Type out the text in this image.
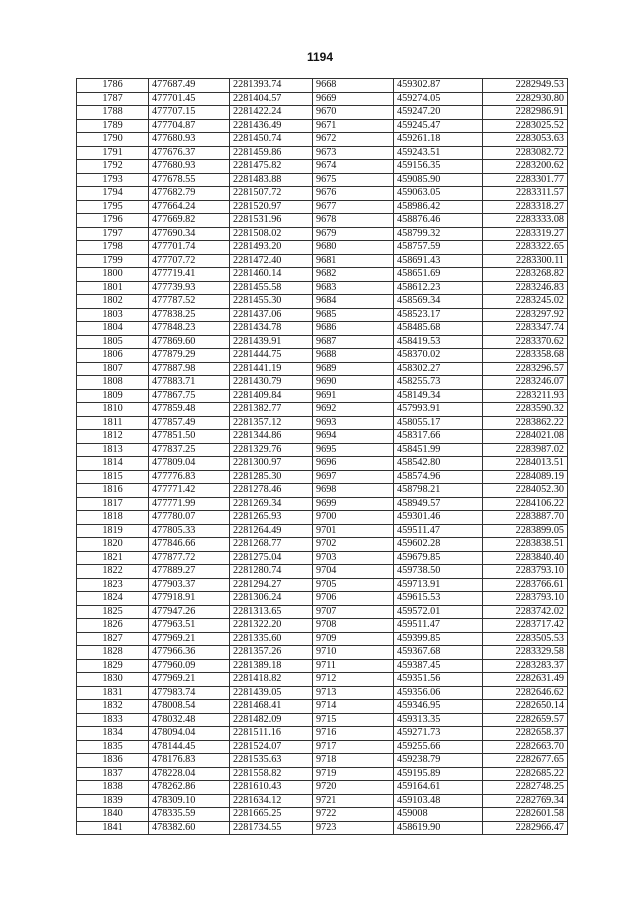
1194
1786	477687.49	2281393.74	9668	459302.87	2282949.53
1787	477701.45	2281404.57	9669	459274.05	2282930.80
1788	477707.15	2281422.24	9670	459247.20	2282986.91
1789	477704.87	2281436.49	9671	459245.47	2283025.52
1790	477680.93	2281450.74	9672	459261.18	2283053.63
1791	477676.37	2281459.86	9673	459243.51	2283082.72
1792	477680.93	2281475.82	9674	459156.35	2283200.62
1793	477678.55	2281483.88	9675	459085.90	2283301.77
1794	477682.79	2281507.72	9676	459063.05	2283311.57
1795	477664.24	2281520.97	9677	458986.42	2283318.27
1796	477669.82	2281531.96	9678	458876.46	2283333.08
1797	477690.34	2281508.02	9679	458799.32	2283319.27
1798	477701.74	2281493.20	9680	458757.59	2283322.65
1799	477707.72	2281472.40	9681	458691.43	2283300.11
1800	477719.41	2281460.14	9682	458651.69	2283268.82
1801	477739.93	2281455.58	9683	458612.23	2283246.83
1802	477787.52	2281455.30	9684	458569.34	2283245.02
1803	477838.25	2281437.06	9685	458523.17	2283297.92
1804	477848.23	2281434.78	9686	458485.68	2283347.74
1805	477869.60	2281439.91	9687	458419.53	2283370.62
1806	477879.29	2281444.75	9688	458370.02	2283358.68
1807	477887.98	2281441.19	9689	458302.27	2283296.57
1808	477883.71	2281430.79	9690	458255.73	2283246.07
1809	477867.75	2281409.84	9691	458149.34	2283211.93
1810	477859.48	2281382.77	9692	457993.91	2283590.32
1811	477857.49	2281357.12	9693	458055.17	2283862.22
1812	477851.50	2281344.86	9694	458317.66	2284021.08
1813	477837.25	2281329.76	9695	458451.99	2283987.02
1814	477809.04	2281300.97	9696	458542.80	2284013.51
1815	477776.83	2281285.30	9697	458574.96	2284089.19
1816	477771.42	2281278.46	9698	458798.21	2284052.30
1817	477771.99	2281269.34	9699	458949.57	2284106.22
1818	477780.07	2281265.93	9700	459301.46	2283887.70
1819	477805.33	2281264.49	9701	459511.47	2283899.05
1820	477846.66	2281268.77	9702	459602.28	2283838.51
1821	477877.72	2281275.04	9703	459679.85	2283840.40
1822	477889.27	2281280.74	9704	459738.50	2283793.10
1823	477903.37	2281294.27	9705	459713.91	2283766.61
1824	477918.91	2281306.24	9706	459615.53	2283793.10
1825	477947.26	2281313.65	9707	459572.01	2283742.02
1826	477963.51	2281322.20	9708	459511.47	2283717.42
1827	477969.21	2281335.60	9709	459399.85	2283505.53
1828	477966.36	2281357.26	9710	459367.68	2283329.58
1829	477960.09	2281389.18	9711	459387.45	2283283.37
1830	477969.21	2281418.82	9712	459351.56	2282631.49
1831	477983.74	2281439.05	9713	459356.06	2282646.62
1832	478008.54	2281468.41	9714	459346.95	2282650.14
1833	478032.48	2281482.09	9715	459313.35	2282659.57
1834	478094.04	2281511.16	9716	459271.73	2282658.37
1835	478144.45	2281524.07	9717	459255.66	2282663.70
1836	478176.83	2281535.63	9718	459238.79	2282677.65
1837	478228.04	2281558.82	9719	459195.89	2282685.22
1838	478262.86	2281610.43	9720	459164.61	2282748.25
1839	478309.10	2281634.12	9721	459103.48	2282769.34
1840	478335.59	2281665.25	9722	459008	2282601.58
1841	478382.60	2281734.55	9723	458619.90	2282966.47
